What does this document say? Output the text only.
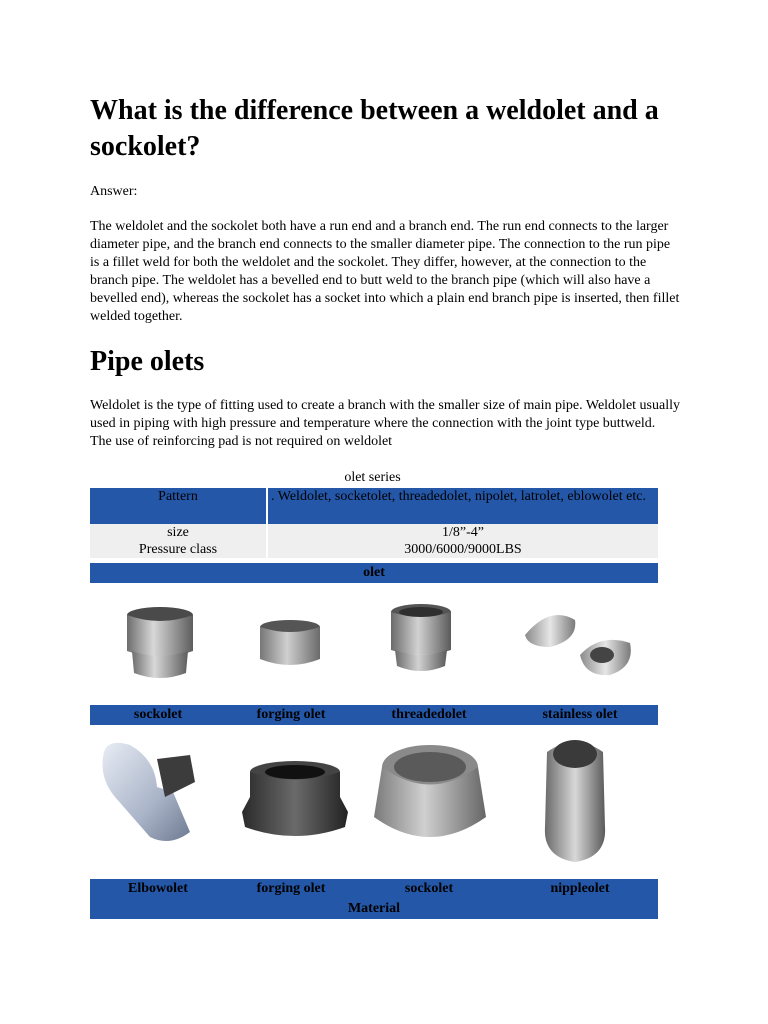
What is the difference between a weldolet and a sockolet?

Answer:

The weldolet and the sockolet both have a run end and a branch end. The run end connects to the larger diameter pipe, and the branch end connects to the smaller diameter pipe. The connection to the run pipe is a fillet weld for both the weldolet and the sockolet. They differ, however, at the connection to the branch pipe. The weldolet has a bevelled end to butt weld to the branch pipe (which will also have a bevelled end), whereas the sockolet has a socket into which a plain end branch pipe is inserted, then fillet welded together.

Pipe olets

Weldolet is the type of fitting used to create a branch with the smaller size of main pipe. Weldolet usually used in piping with high pressure and temperature where the connection with the joint type buttweld. The use of reinforcing pad is not required on weldolet

olet series
Pattern	. Weldolet, socketolet, threadedolet, nipolet, latrolet, eblowolet etc.
size	1/8”-4”
Pressure class	3000/6000/9000LBS
olet
sockolet	forging olet	threadedolet	stainless olet
Elbowolet	forging olet	sockolet	nippleolet
Material
